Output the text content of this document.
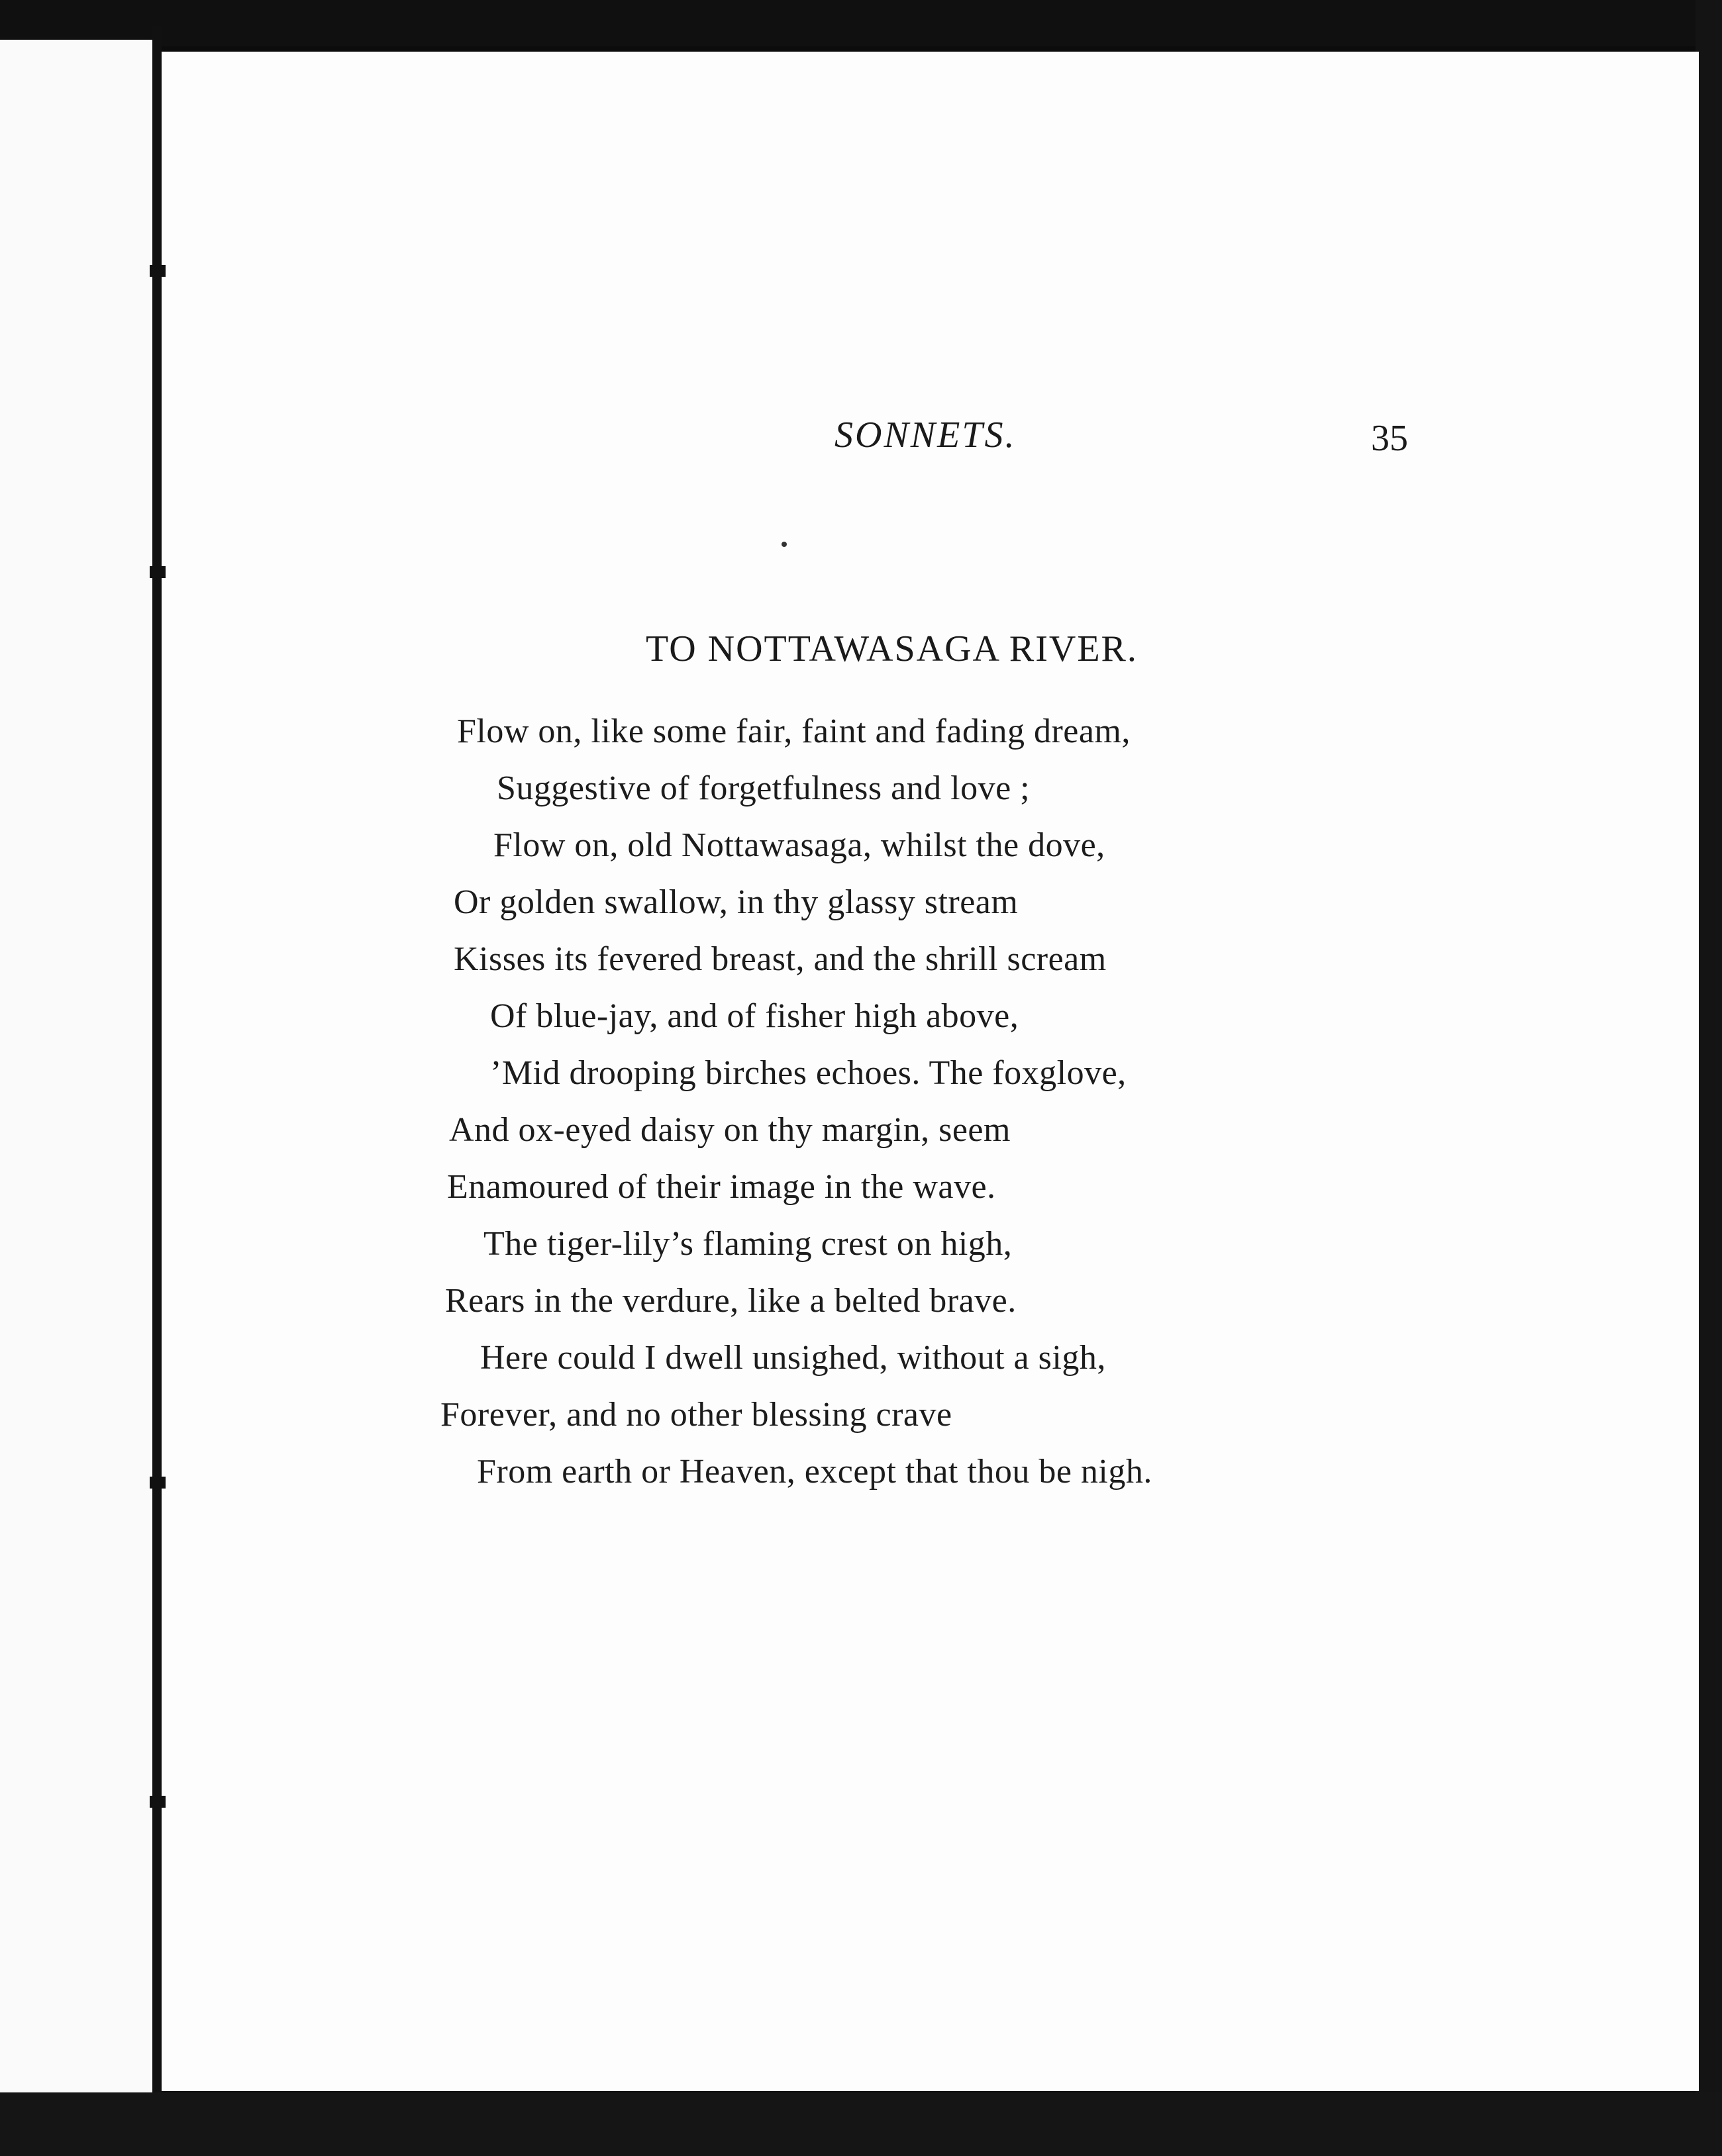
SONNETS.	35
TO NOTTAWASAGA RIVER.
Flow on, like some fair, faint and fading dream,
Suggestive of forgetfulness and love ;
Flow on, old Nottawasaga, whilst the dove,
Or golden swallow, in thy glassy stream
Kisses its fevered breast, and the shrill scream
Of blue-jay, and of fisher high above,
’Mid drooping birches echoes. The foxglove,
And ox-eyed daisy on thy margin, seem
Enamoured of their image in the wave.
The tiger-lily’s flaming crest on high,
Rears in the verdure, like a belted brave.
Here could I dwell unsighed, without a sigh,
Forever, and no other blessing crave
From earth or Heaven, except that thou be nigh.
